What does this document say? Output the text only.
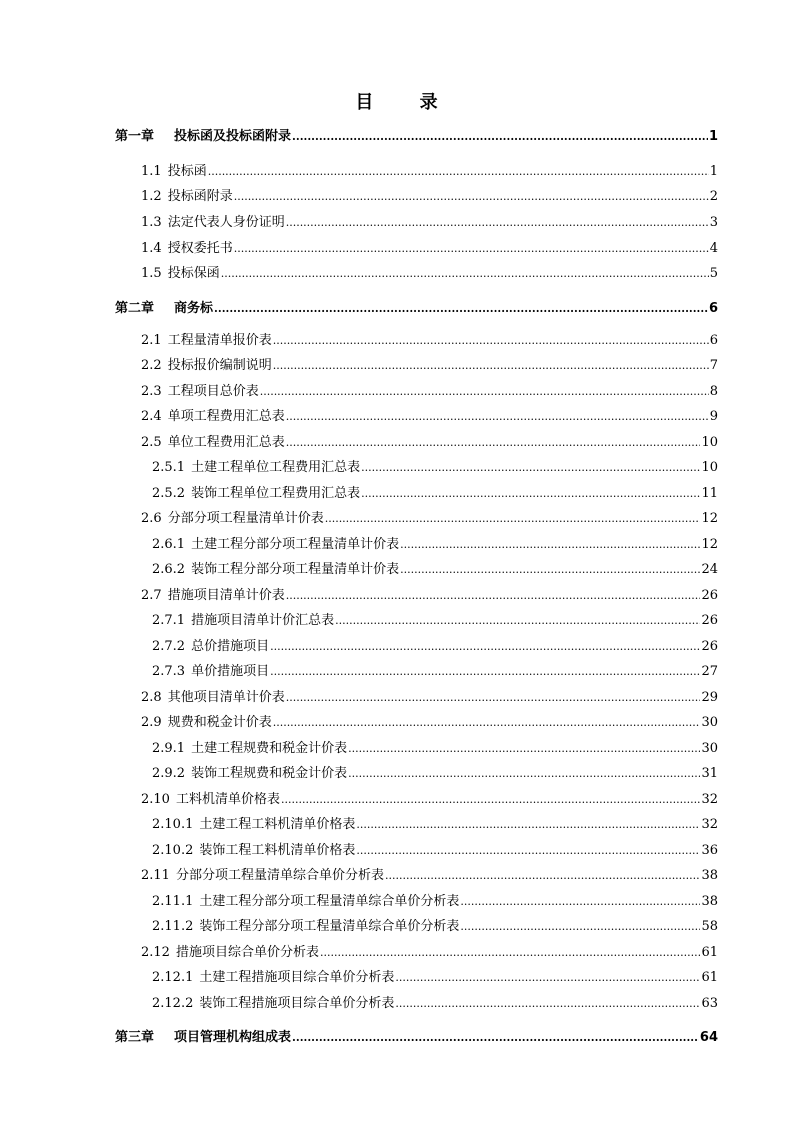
目 录
第一章 投标函及投标函附录 .....	1
1.1 投标函 .....	1
1.2 投标函附录 .....	2
1.3 法定代表人身份证明 .....	3
1.4 授权委托书 .....	4
1.5 投标保函 .....	5
第二章 商务标 .....	6
2.1 工程量清单报价表 .....	6
2.2 投标报价编制说明 .....	7
2.3 工程项目总价表 .....	8
2.4 单项工程费用汇总表 .....	9
2.5 单位工程费用汇总表 .....	10
2.5.1 土建工程单位工程费用汇总表 .....	10
2.5.2 装饰工程单位工程费用汇总表 .....	11
2.6 分部分项工程量清单计价表 .....	12
2.6.1 土建工程分部分项工程量清单计价表 .....	12
2.6.2 装饰工程分部分项工程量清单计价表 .....	24
2.7 措施项目清单计价表 .....	26
2.7.1 措施项目清单计价汇总表 .....	26
2.7.2 总价措施项目 .....	26
2.7.3 单价措施项目 .....	27
2.8 其他项目清单计价表 .....	29
2.9 规费和税金计价表 .....	30
2.9.1 土建工程规费和税金计价表 .....	30
2.9.2 装饰工程规费和税金计价表 .....	31
2.10 工料机清单价格表 .....	32
2.10.1 土建工程工料机清单价格表 .....	32
2.10.2 装饰工程工料机清单价格表 .....	36
2.11 分部分项工程量清单综合单价分析表 .....	38
2.11.1 土建工程分部分项工程量清单综合单价分析表 .....	38
2.11.2 装饰工程分部分项工程量清单综合单价分析表 .....	58
2.12 措施项目综合单价分析表 .....	61
2.12.1 土建工程措施项目综合单价分析表 .....	61
2.12.2 装饰工程措施项目综合单价分析表 .....	63
第三章 项目管理机构组成表 .....	64
